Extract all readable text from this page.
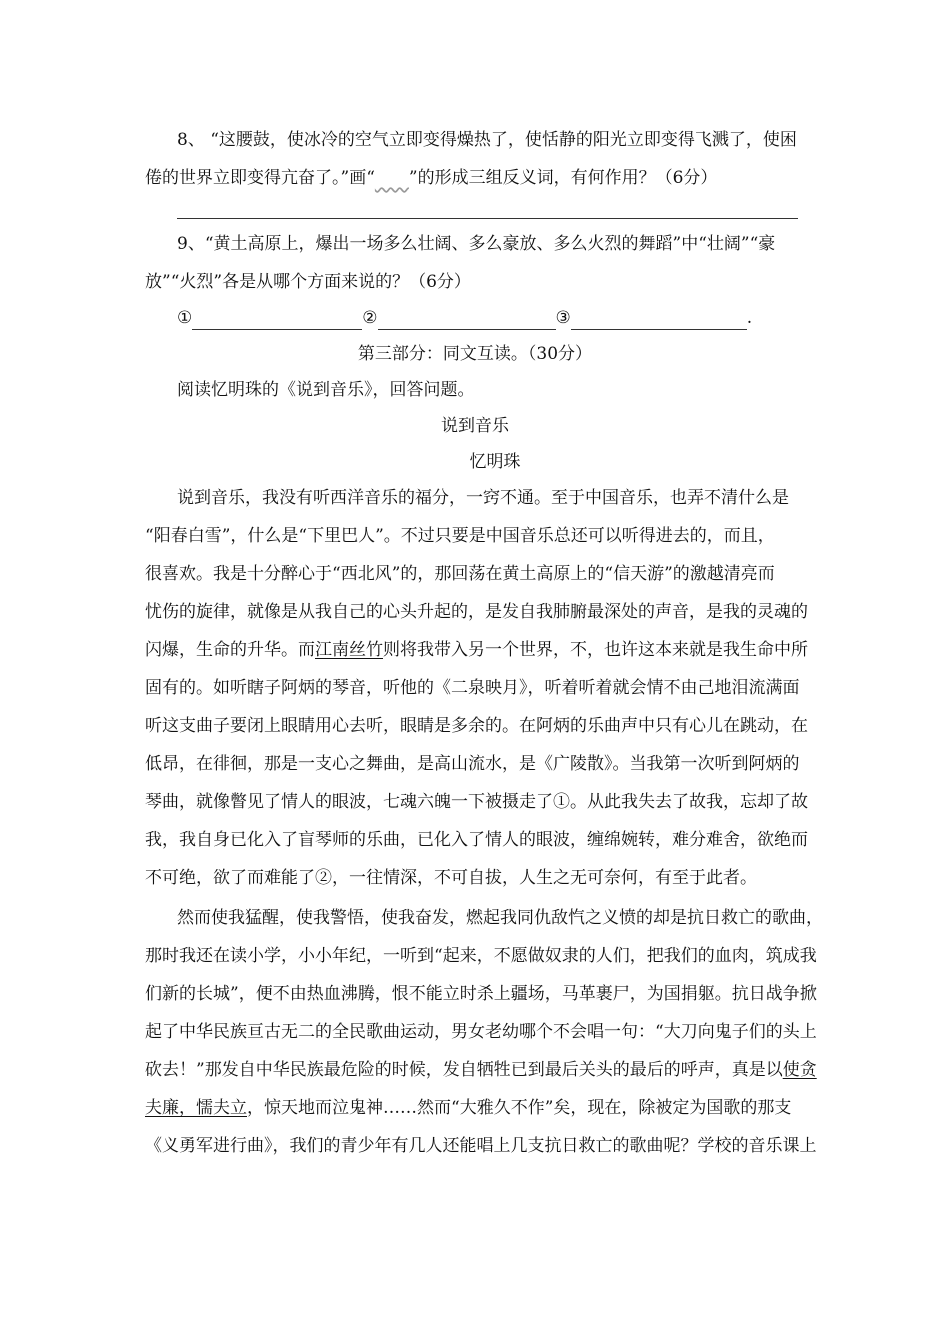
8、 “这腰鼓，使冰冷的空气立即变得燥热了，使恬静的阳光立即变得飞溅了，使困
倦的世界立即变得亢奋了。”画“____”的形成三组反义词，有何作用？（6分）
9、“黄土高原上，爆出一场多么壮阔、多么豪放、多么火烈的舞蹈”中“壮阔”“豪
放”“火烈”各是从哪个方面来说的？（6分）
①	②	③	.
第三部分：同文互读。（30分）
阅读忆明珠的《说到音乐》，回答问题。
说到音乐
忆明珠
说到音乐，我没有听西洋音乐的福分，一窍不通。至于中国音乐，也弄不清什么是
“阳春白雪”，什么是“下里巴人”。不过只要是中国音乐总还可以听得进去的，而且，
很喜欢。我是十分醉心于“西北风”的，那回荡在黄土高原上的“信天游”的激越清亮而
忧伤的旋律，就像是从我自己的心头升起的，是发自我肺腑最深处的声音，是我的灵魂的
闪爆，生命的升华。而江南丝竹则将我带入另一个世界，不，也许这本来就是我生命中所
固有的。如听瞎子阿炳的琴音，听他的《二泉映月》，听着听着就会情不由己地泪流满面
听这支曲子要闭上眼睛用心去听，眼睛是多余的。在阿炳的乐曲声中只有心儿在跳动，在
低昂，在徘徊，那是一支心之舞曲，是高山流水，是《广陵散》。当我第一次听到阿炳的
琴曲，就像瞥见了情人的眼波，七魂六魄一下被摄走了①。从此我失去了故我，忘却了故
我，我自身已化入了盲琴师的乐曲，已化入了情人的眼波，缠绵婉转，难分难舍，欲绝而
不可绝，欲了而难能了②，一往情深，不可自拔，人生之无可奈何，有至于此者。
然而使我猛醒，使我警悟，使我奋发，燃起我同仇敌忾之义愤的却是抗日救亡的歌曲，
那时我还在读小学，小小年纪，一听到“起来，不愿做奴隶的人们，把我们的血肉，筑成我
们新的长城”，便不由热血沸腾，恨不能立时杀上疆场，马革裹尸，为国捐躯。抗日战争掀
起了中华民族亘古无二的全民歌曲运动，男女老幼哪个不会唱一句：“大刀向鬼子们的头上
砍去！”那发自中华民族最危险的时候，发自牺牲已到最后关头的最后的呼声，真是以使贪
夫廉，懦夫立，惊天地而泣鬼神……然而“大雅久不作”矣，现在，除被定为国歌的那支
《义勇军进行曲》，我们的青少年有几人还能唱上几支抗日救亡的歌曲呢？学校的音乐课上
